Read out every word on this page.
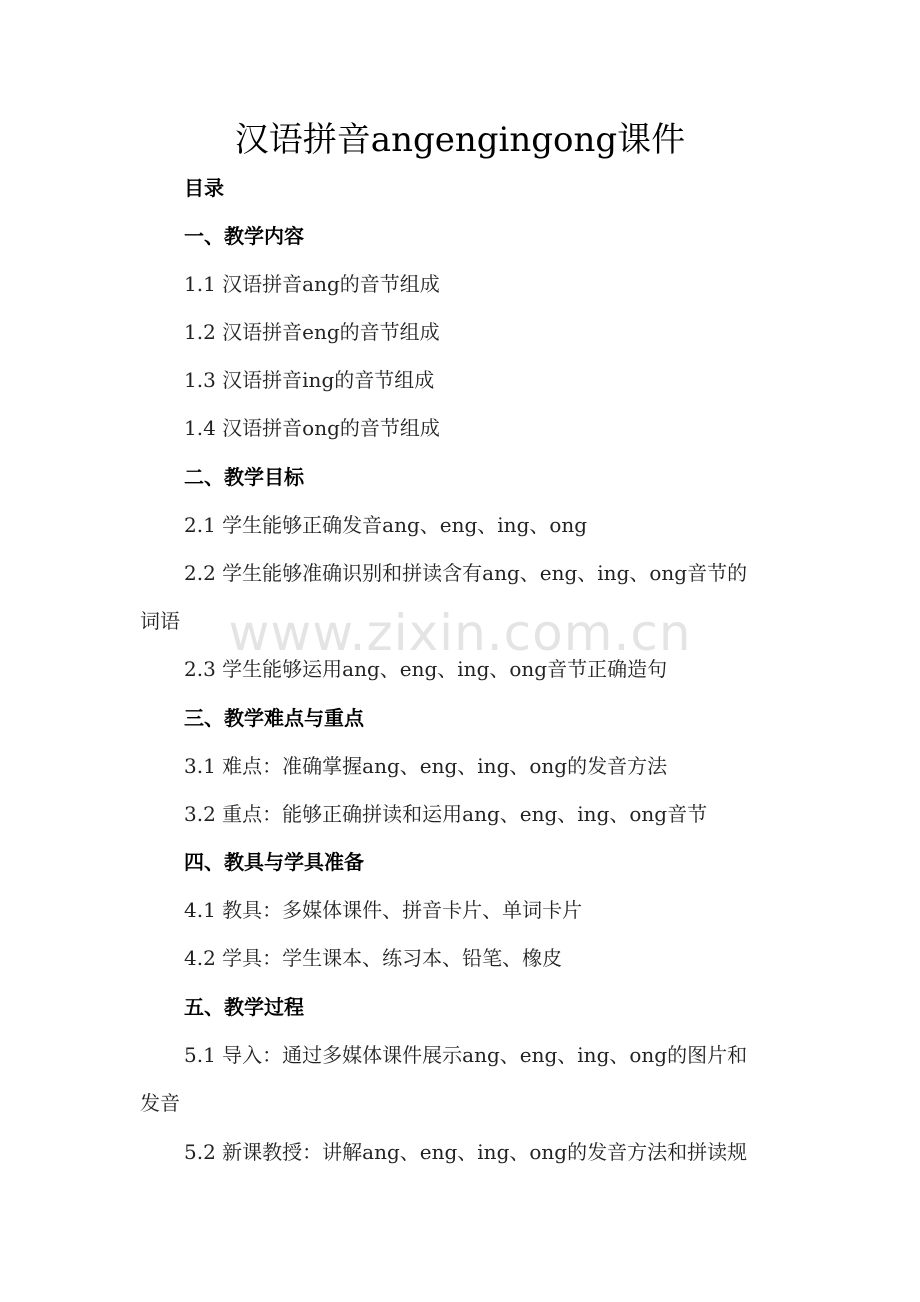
汉语拼音angengingong课件
目录
一、教学内容
1.1 汉语拼音ang的音节组成
1.2 汉语拼音eng的音节组成
1.3 汉语拼音ing的音节组成
1.4 汉语拼音ong的音节组成
二、教学目标
2.1 学生能够正确发音ang、eng、ing、ong
2.2 学生能够准确识别和拼读含有ang、eng、ing、ong音节的
词语
2.3 学生能够运用ang、eng、ing、ong音节正确造句
三、教学难点与重点
3.1 难点：准确掌握ang、eng、ing、ong的发音方法
3.2 重点：能够正确拼读和运用ang、eng、ing、ong音节
四、教具与学具准备
4.1 教具：多媒体课件、拼音卡片、单词卡片
4.2 学具：学生课本、练习本、铅笔、橡皮
五、教学过程
5.1 导入：通过多媒体课件展示ang、eng、ing、ong的图片和
发音
5.2 新课教授：讲解ang、eng、ing、ong的发音方法和拼读规
www.zixin.com.cn
